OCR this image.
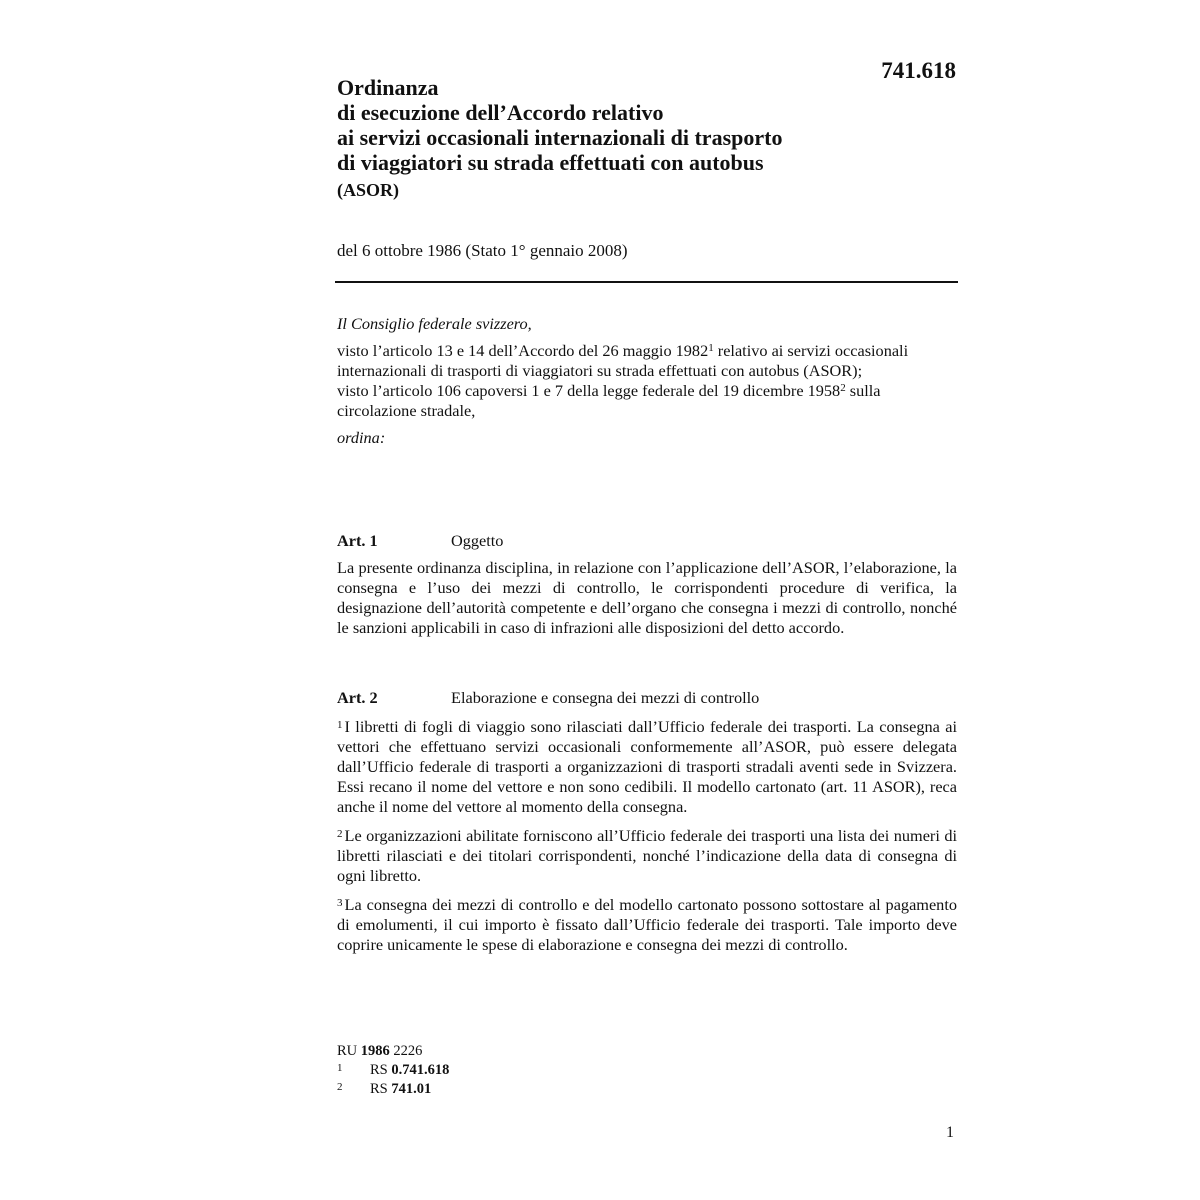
741.618
Ordinanza
di esecuzione dell’Accordo relativo
ai servizi occasionali internazionali di trasporto
di viaggiatori su strada effettuati con autobus
(ASOR)
del 6 ottobre 1986 (Stato 1° gennaio 2008)

Il Consiglio federale svizzero,

visto l’articolo 13 e 14 dell’Accordo del 26 maggio 1982$^1$ relativo ai servizi occasionali internazionali di trasporti di viaggiatori su strada effettuati con autobus (ASOR);

visto l’articolo 106 capoversi 1 e 7 della legge federale del 19 dicembre 1958$^2$ sulla circolazione stradale,

ordina:

Art. 1	Oggetto

La presente ordinanza disciplina, in relazione con l’applicazione dell’ASOR, l’elaborazione, la consegna e l’uso dei mezzi di controllo, le corrispondenti procedure di verifica, la designazione dell’autorità competente e dell’organo che consegna i mezzi di controllo, nonché le sanzioni applicabili in caso di infrazioni alle disposizioni del detto accordo.

Art. 2	Elaborazione e consegna dei mezzi di controllo

$^1$ I libretti di fogli di viaggio sono rilasciati dall’Ufficio federale dei trasporti. La consegna ai vettori che effettuano servizi occasionali conformemente all’ASOR, può essere delegata dall’Ufficio federale di trasporti a organizzazioni di trasporti stradali aventi sede in Svizzera. Essi recano il nome del vettore e non sono cedibili. Il modello cartonato (art. 11 ASOR), reca anche il nome del vettore al momento della consegna.

$^2$ Le organizzazioni abilitate forniscono all’Ufficio federale dei trasporti una lista dei numeri di libretti rilasciati e dei titolari corrispondenti, nonché l’indicazione della data di consegna di ogni libretto.

$^3$ La consegna dei mezzi di controllo e del modello cartonato possono sottostare al pagamento di emolumenti, il cui importo è fissato dall’Ufficio federale dei trasporti. Tale importo deve coprire unicamente le spese di elaborazione e consegna dei mezzi di controllo.

RU 1986 2226
1 RS 0.741.618
2 RS 741.01
1
